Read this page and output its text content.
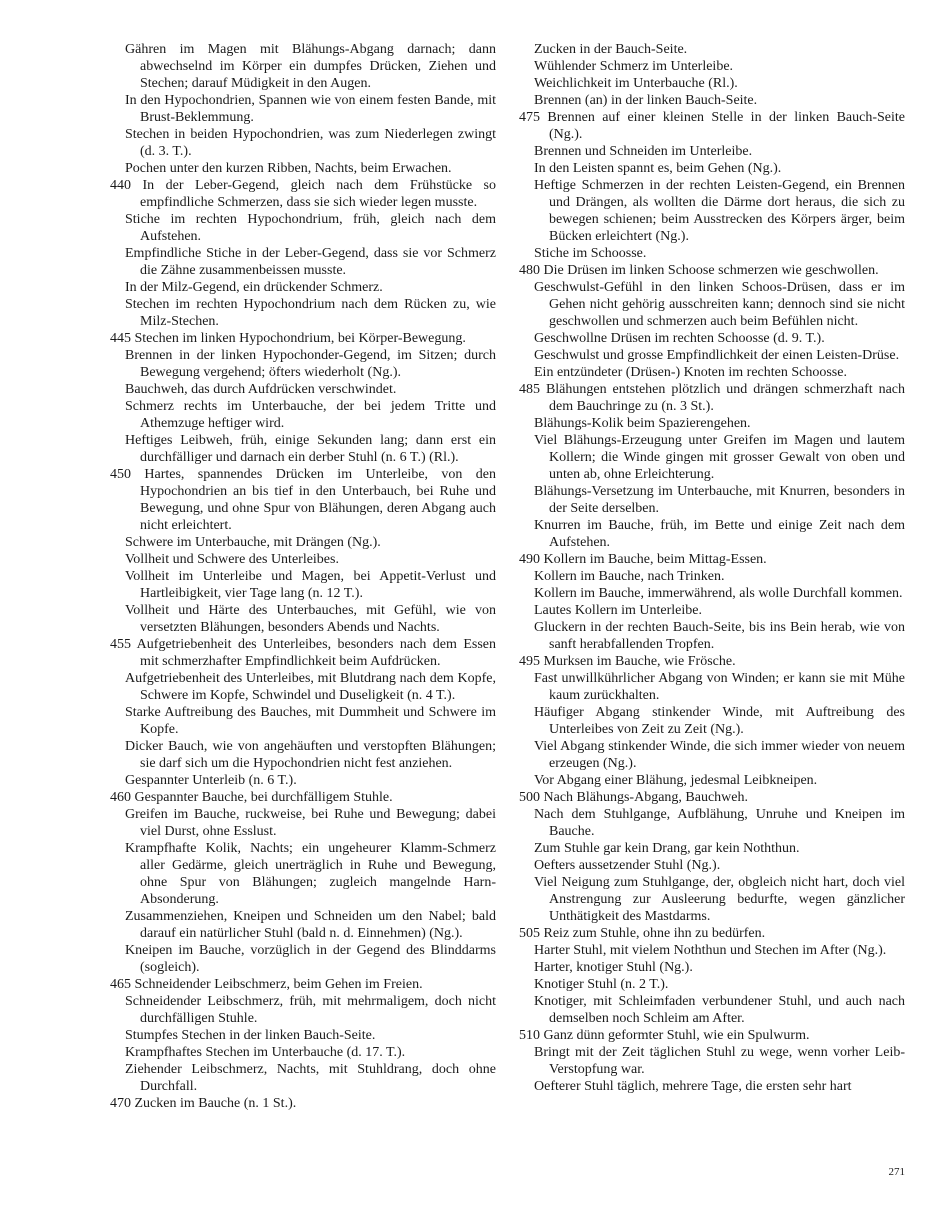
Gähren im Magen mit Blähungs-Abgang darnach; dann abwechselnd im Körper ein dumpfes Drücken, Ziehen und Stechen; darauf Müdigkeit in den Augen.
In den Hypochondrien, Spannen wie von einem festen Bande, mit Brust-Beklemmung.
Stechen in beiden Hypochondrien, was zum Niederlegen zwingt (d. 3. T.).
Pochen unter den kurzen Ribben, Nachts, beim Erwachen.
440 In der Leber-Gegend, gleich nach dem Frühstücke so empfindliche Schmerzen, dass sie sich wieder legen musste.
Stiche im rechten Hypochondrium, früh, gleich nach dem Aufstehen.
Empfindliche Stiche in der Leber-Gegend, dass sie vor Schmerz die Zähne zusammenbeissen musste.
In der Milz-Gegend, ein drückender Schmerz.
Stechen im rechten Hypochondrium nach dem Rücken zu, wie Milz-Stechen.
445 Stechen im linken Hypochondrium, bei Körper-Bewegung.
Brennen in der linken Hypochonder-Gegend, im Sitzen; durch Bewegung vergehend; öfters wiederholt (Ng.).
Bauchweh, das durch Aufdrücken verschwindet.
Schmerz rechts im Unterbauche, der bei jedem Tritte und Athemzuge heftiger wird.
Heftiges Leibweh, früh, einige Sekunden lang; dann erst ein durchfälliger und darnach ein derber Stuhl (n. 6 T.) (Rl.).
450 Hartes, spannendes Drücken im Unterleibe, von den Hypochondrien an bis tief in den Unterbauch, bei Ruhe und Bewegung, und ohne Spur von Blähungen, deren Abgang auch nicht erleichtert.
Schwere im Unterbauche, mit Drängen (Ng.).
Vollheit und Schwere des Unterleibes.
Vollheit im Unterleibe und Magen, bei Appetit-Verlust und Hartleibigkeit, vier Tage lang (n. 12 T.).
Vollheit und Härte des Unterbauches, mit Gefühl, wie von versetzten Blähungen, besonders Abends und Nachts.
455 Aufgetriebenheit des Unterleibes, besonders nach dem Essen mit schmerzhafter Empfindlichkeit beim Aufdrücken.
Aufgetriebenheit des Unterleibes, mit Blutdrang nach dem Kopfe, Schwere im Kopfe, Schwindel und Duseligkeit (n. 4 T.).
Starke Auftreibung des Bauches, mit Dummheit und Schwere im Kopfe.
Dicker Bauch, wie von angehäuften und verstopften Blähungen; sie darf sich um die Hypochondrien nicht fest anziehen.
Gespannter Unterleib (n. 6 T.).
460 Gespannter Bauche, bei durchfälligem Stuhle.
Greifen im Bauche, ruckweise, bei Ruhe und Bewegung; dabei viel Durst, ohne Esslust.
Krampfhafte Kolik, Nachts; ein ungeheurer Klamm-Schmerz aller Gedärme, gleich unerträglich in Ruhe und Bewegung, ohne Spur von Blähungen; zugleich mangelnde Harn-Absonderung.
Zusammenziehen, Kneipen und Schneiden um den Nabel; bald darauf ein natürlicher Stuhl (bald n. d. Einnehmen) (Ng.).
Kneipen im Bauche, vorzüglich in der Gegend des Blinddarms (sogleich).
465 Schneidender Leibschmerz, beim Gehen im Freien.
Schneidender Leibschmerz, früh, mit mehrmaligem, doch nicht durchfälligen Stuhle.
Stumpfes Stechen in der linken Bauch-Seite.
Krampfhaftes Stechen im Unterbauche (d. 17. T.).
Ziehender Leibschmerz, Nachts, mit Stuhldrang, doch ohne Durchfall.
470 Zucken im Bauche (n. 1 St.).
Zucken in der Bauch-Seite.
Wühlender Schmerz im Unterleibe.
Weichlichkeit im Unterbauche (Rl.).
Brennen (an) in der linken Bauch-Seite.
475 Brennen auf einer kleinen Stelle in der linken Bauch-Seite (Ng.).
Brennen und Schneiden im Unterleibe.
In den Leisten spannt es, beim Gehen (Ng.).
Heftige Schmerzen in der rechten Leisten-Gegend, ein Brennen und Drängen, als wollten die Därme dort heraus, die sich zu bewegen schienen; beim Ausstrecken des Körpers ärger, beim Bücken erleichtert (Ng.).
Stiche im Schoosse.
480 Die Drüsen im linken Schoose schmerzen wie geschwollen.
Geschwulst-Gefühl in den linken Schoos-Drüsen, dass er im Gehen nicht gehörig ausschreiten kann; dennoch sind sie nicht geschwollen und schmerzen auch beim Befühlen nicht.
Geschwollne Drüsen im rechten Schoosse (d. 9. T.).
Geschwulst und grosse Empfindlichkeit der einen Leisten-Drüse.
Ein entzündeter (Drüsen-) Knoten im rechten Schoosse.
485 Blähungen entstehen plötzlich und drängen schmerzhaft nach dem Bauchringe zu (n. 3 St.).
Blähungs-Kolik beim Spazierengehen.
Viel Blähungs-Erzeugung unter Greifen im Magen und lautem Kollern; die Winde gingen mit grosser Gewalt von oben und unten ab, ohne Erleichterung.
Blähungs-Versetzung im Unterbauche, mit Knurren, besonders in der Seite derselben.
Knurren im Bauche, früh, im Bette und einige Zeit nach dem Aufstehen.
490 Kollern im Bauche, beim Mittag-Essen.
Kollern im Bauche, nach Trinken.
Kollern im Bauche, immerwährend, als wolle Durchfall kommen.
Lautes Kollern im Unterleibe.
Gluckern in der rechten Bauch-Seite, bis ins Bein herab, wie von sanft herabfallenden Tropfen.
495 Murksen im Bauche, wie Frösche.
Fast unwillkührlicher Abgang von Winden; er kann sie mit Mühe kaum zurückhalten.
Häufiger Abgang stinkender Winde, mit Auftreibung des Unterleibes von Zeit zu Zeit (Ng.).
Viel Abgang stinkender Winde, die sich immer wieder von neuem erzeugen (Ng.).
Vor Abgang einer Blähung, jedesmal Leibkneipen.
500 Nach Blähungs-Abgang, Bauchweh.
Nach dem Stuhlgange, Aufblähung, Unruhe und Kneipen im Bauche.
Zum Stuhle gar kein Drang, gar kein Noththun.
Oefters aussetzender Stuhl (Ng.).
Viel Neigung zum Stuhlgange, der, obgleich nicht hart, doch viel Anstrengung zur Ausleerung bedurfte, wegen gänzlicher Unthätigkeit des Mastdarms.
505 Reiz zum Stuhle, ohne ihn zu bedürfen.
Harter Stuhl, mit vielem Noththun und Stechen im After (Ng.).
Harter, knotiger Stuhl (Ng.).
Knotiger Stuhl (n. 2 T.).
Knotiger, mit Schleimfaden verbundener Stuhl, und auch nach demselben noch Schleim am After.
510 Ganz dünn geformter Stuhl, wie ein Spulwurm.
Bringt mit der Zeit täglichen Stuhl zu wege, wenn vorher Leib-Verstopfung war.
Oefterer Stuhl täglich, mehrere Tage, die ersten sehr hart
271
